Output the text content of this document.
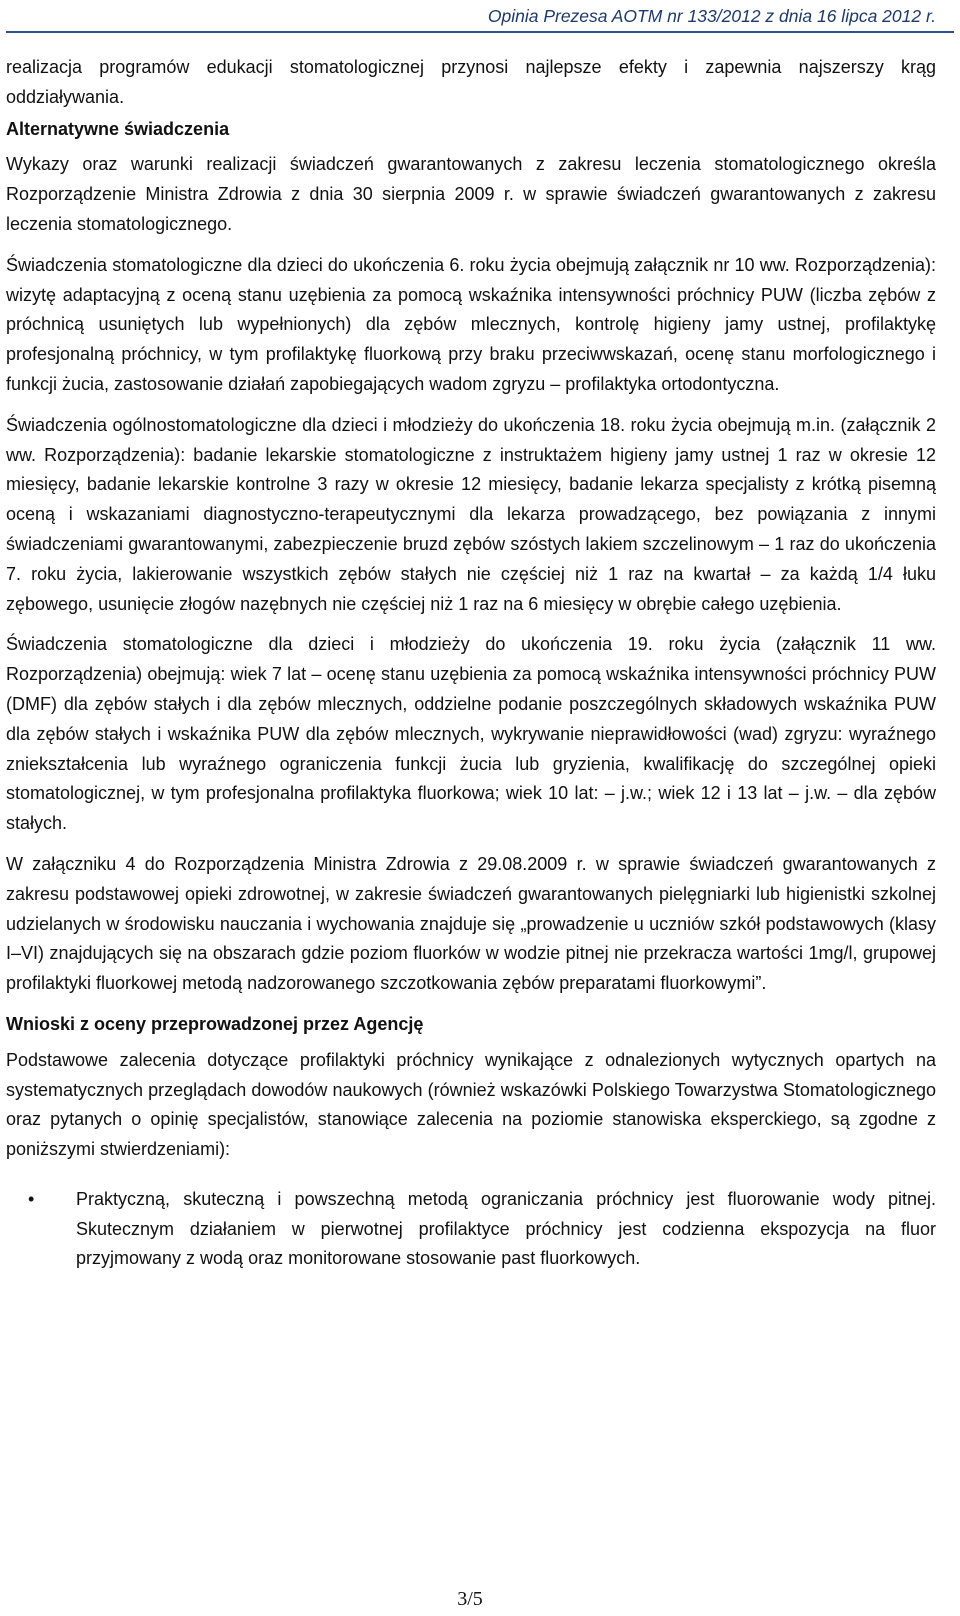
Opinia Prezesa AOTM nr 133/2012 z dnia 16 lipca 2012 r.

realizacja programów edukacji stomatologicznej przynosi najlepsze efekty i zapewnia najszerszy krąg oddziaływania.

Alternatywne świadczenia

Wykazy oraz warunki realizacji świadczeń gwarantowanych z zakresu leczenia stomatologicznego określa Rozporządzenie Ministra Zdrowia z dnia 30 sierpnia 2009 r. w sprawie świadczeń gwarantowanych z zakresu leczenia stomatologicznego.

Świadczenia stomatologiczne dla dzieci do ukończenia 6. roku życia obejmują załącznik nr 10 ww. Rozporządzenia): wizytę adaptacyjną z oceną stanu uzębienia za pomocą wskaźnika intensywności próchnicy PUW (liczba zębów z próchnicą usuniętych lub wypełnionych) dla zębów mlecznych, kontrolę higieny jamy ustnej, profilaktykę profesjonalną próchnicy, w tym profilaktykę fluorkową przy braku przeciwwskazań, ocenę stanu morfologicznego i funkcji żucia, zastosowanie działań zapobiegających wadom zgryzu – profilaktyka ortodontyczna.

Świadczenia ogólnostomatologiczne dla dzieci i młodzieży do ukończenia 18. roku życia obejmują m.in. (załącznik 2 ww. Rozporządzenia): badanie lekarskie stomatologiczne z instruktażem higieny jamy ustnej 1 raz w okresie 12 miesięcy, badanie lekarskie kontrolne 3 razy w okresie 12 miesięcy, badanie lekarza specjalisty z krótką pisemną oceną i wskazaniami diagnostyczno-terapeutycznymi dla lekarza prowadzącego, bez powiązania z innymi świadczeniami gwarantowanymi, zabezpieczenie bruzd zębów szóstych lakiem szczelinowym – 1 raz do ukończenia 7. roku życia, lakierowanie wszystkich zębów stałych nie częściej niż 1 raz na kwartał – za każdą 1/4 łuku zębowego, usunięcie złogów nazębnych nie częściej niż 1 raz na 6 miesięcy w obrębie całego uzębienia.

Świadczenia stomatologiczne dla dzieci i młodzieży do ukończenia 19. roku życia (załącznik 11 ww. Rozporządzenia) obejmują: wiek 7 lat – ocenę stanu uzębienia za pomocą wskaźnika intensywności próchnicy PUW (DMF) dla zębów stałych i dla zębów mlecznych, oddzielne podanie poszczególnych składowych wskaźnika PUW dla zębów stałych i wskaźnika PUW dla zębów mlecznych, wykrywanie nieprawidłowości (wad) zgryzu: wyraźnego zniekształcenia lub wyraźnego ograniczenia funkcji żucia lub gryzienia, kwalifikację do szczególnej opieki stomatologicznej, w tym profesjonalna profilaktyka fluorkowa; wiek 10 lat: – j.w.; wiek 12 i 13 lat – j.w. – dla zębów stałych.

W załączniku 4 do Rozporządzenia Ministra Zdrowia z 29.08.2009 r. w sprawie świadczeń gwarantowanych z zakresu podstawowej opieki zdrowotnej, w zakresie świadczeń gwarantowanych pielęgniarki lub higienistki szkolnej udzielanych w środowisku nauczania i wychowania znajduje się „prowadzenie u uczniów szkół podstawowych (klasy I–VI) znajdujących się na obszarach gdzie poziom fluorków w wodzie pitnej nie przekracza wartości 1mg/l, grupowej profilaktyki fluorkowej metodą nadzorowanego szczotkowania zębów preparatami fluorkowymi”.

Wnioski z oceny przeprowadzonej przez Agencję

Podstawowe zalecenia dotyczące profilaktyki próchnicy wynikające z odnalezionych wytycznych opartych na systematycznych przeglądach dowodów naukowych (również wskazówki Polskiego Towarzystwa Stomatologicznego oraz pytanych o opinię specjalistów, stanowiące zalecenia na poziomie stanowiska eksperckiego, są zgodne z poniższymi stwierdzeniami):

• Praktyczną, skuteczną i powszechną metodą ograniczania próchnicy jest fluorowanie wody pitnej. Skutecznym działaniem w pierwotnej profilaktyce próchnicy jest codzienna ekspozycja na fluor przyjmowany z wodą oraz monitorowane stosowanie past fluorkowych.
3/5
